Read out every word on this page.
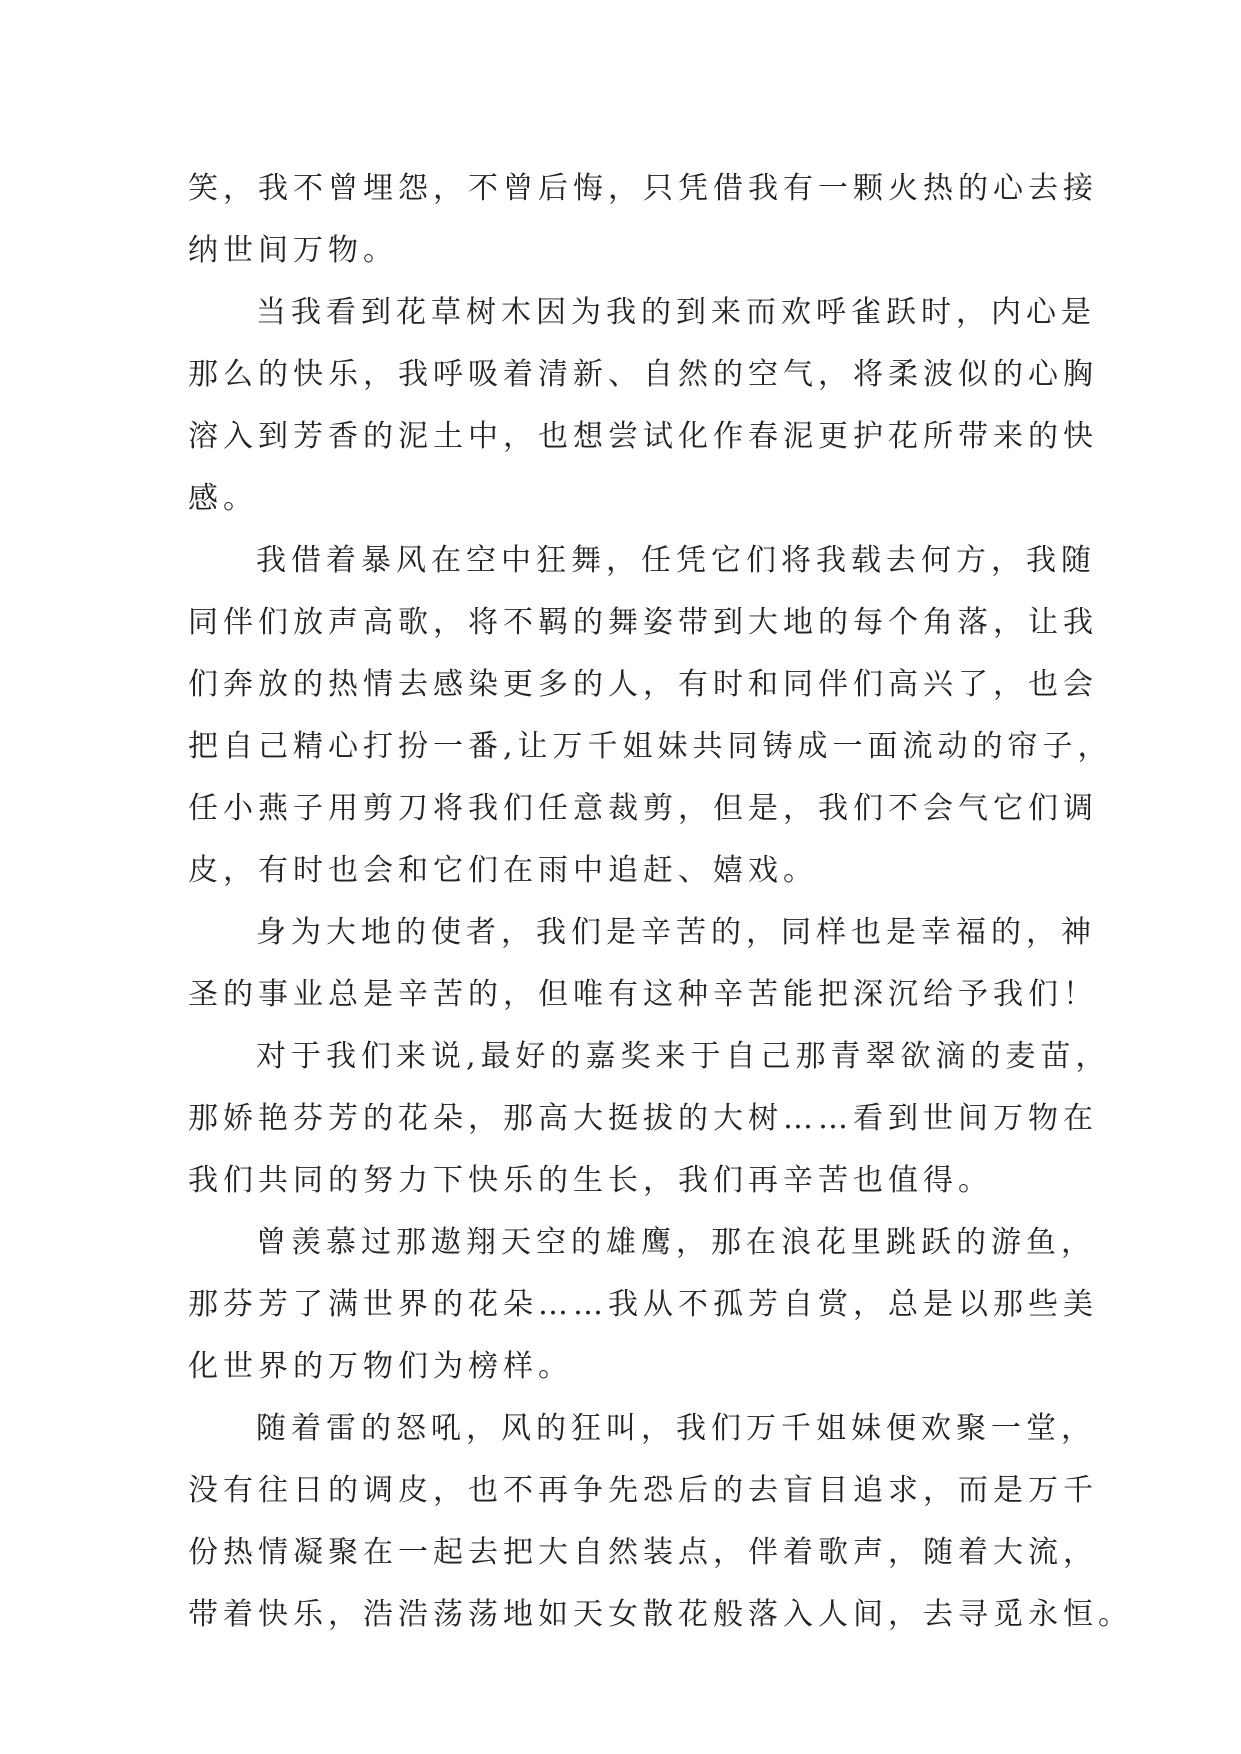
笑，我不曾埋怨，不曾后悔，只凭借我有一颗火热的心去接
纳世间万物。
当我看到花草树木因为我的到来而欢呼雀跃时，内心是
那么的快乐，我呼吸着清新、自然的空气，将柔波似的心胸
溶入到芳香的泥土中，也想尝试化作春泥更护花所带来的快
感。
我借着暴风在空中狂舞，任凭它们将我载去何方，我随
同伴们放声高歌，将不羁的舞姿带到大地的每个角落，让我
们奔放的热情去感染更多的人，有时和同伴们高兴了，也会
把自己精心打扮一番,让万千姐妹共同铸成一面流动的帘子，
任小燕子用剪刀将我们任意裁剪，但是，我们不会气它们调
皮，有时也会和它们在雨中追赶、嬉戏。
身为大地的使者，我们是辛苦的，同样也是幸福的，神
圣的事业总是辛苦的，但唯有这种辛苦能把深沉给予我们！
对于我们来说,最好的嘉奖来于自己那青翠欲滴的麦苗，
那娇艳芬芳的花朵，那高大挺拔的大树……看到世间万物在
我们共同的努力下快乐的生长，我们再辛苦也值得。
曾羡慕过那遨翔天空的雄鹰，那在浪花里跳跃的游鱼，
那芬芳了满世界的花朵……我从不孤芳自赏，总是以那些美
化世界的万物们为榜样。
随着雷的怒吼，风的狂叫，我们万千姐妹便欢聚一堂，
没有往日的调皮，也不再争先恐后的去盲目追求，而是万千
份热情凝聚在一起去把大自然装点，伴着歌声，随着大流，
带着快乐，浩浩荡荡地如天女散花般落入人间，去寻觅永恒。
